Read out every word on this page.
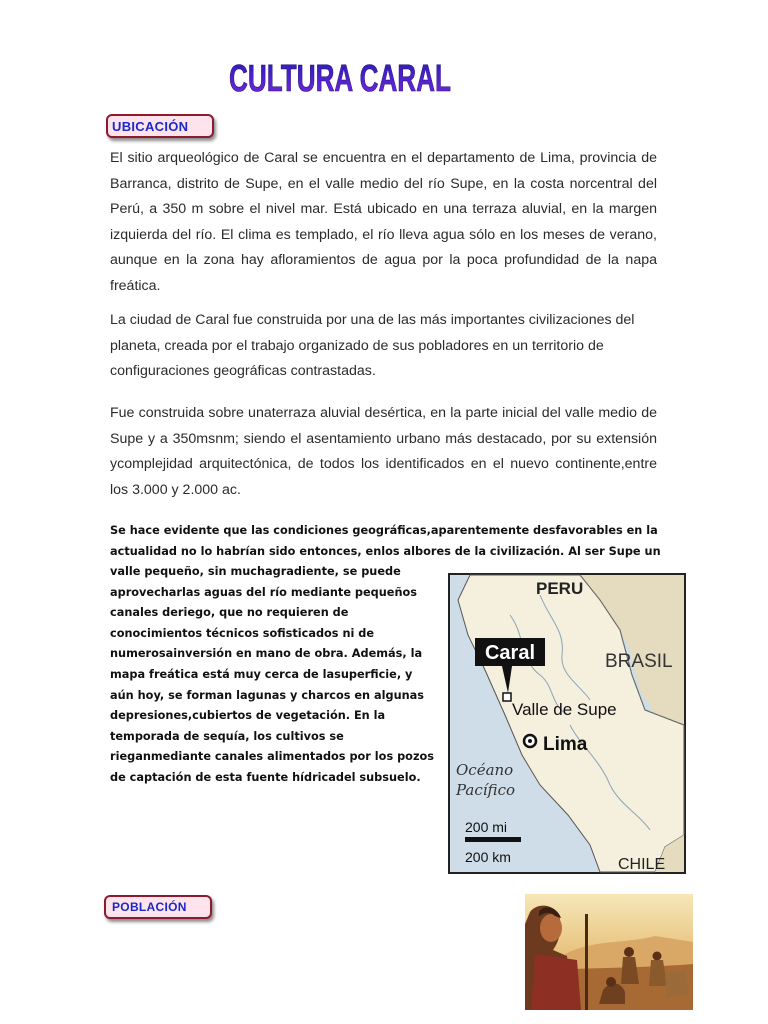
CULTURA CARAL
UBICACIÓN

El sitio arqueológico de Caral se encuentra en el departamento de Lima, provincia de Barranca, distrito de Supe, en el valle medio del río Supe, en la costa norcentral del Perú, a 350 m sobre el nivel mar. Está ubicado en una terraza aluvial, en la margen izquierda del río. El clima es templado, el río lleva agua sólo en los meses de verano, aunque en la zona hay afloramientos de agua por la poca profundidad de la napa freática.

La ciudad de Caral fue construida por una de las más importantes civilizaciones del planeta, creada por el trabajo organizado de sus pobladores en un territorio de configuraciones geográficas contrastadas.

Fue construida sobre unaterraza aluvial desértica, en la parte inicial del valle medio de Supe y a 350msnm; siendo el asentamiento urbano más destacado, por su extensión ycomplejidad arquitectónica, de todos los identificados en el nuevo continente,entre los 3.000 y 2.000 ac.

Se hace evidente que las condiciones geográficas,aparentemente desfavorables en la actualidad no lo habrían sido entonces, enlos albores de la civilización. Al ser Supe un

valle pequeño, sin muchagradiente, se puede aprovecharlas aguas del río mediante pequeños canales deriego, que no requieren de conocimientos técnicos sofisticados ni de numerosainversión en mano de obra. Además, la mapa freática está muy cerca de lasuperficie, y aún hoy, se forman lagunas y charcos en algunas depresiones,cubiertos de vegetación. En la temporada de sequía, los cultivos se rieganmediante canales alimentados por los pozos de captación de esta fuente hídricadel subsuelo.

PERU
BRASIL
Caral
Valle de Supe
Lima
Océano
Pacífico
200 mi
200 km	CHILE
POBLACIÓN
